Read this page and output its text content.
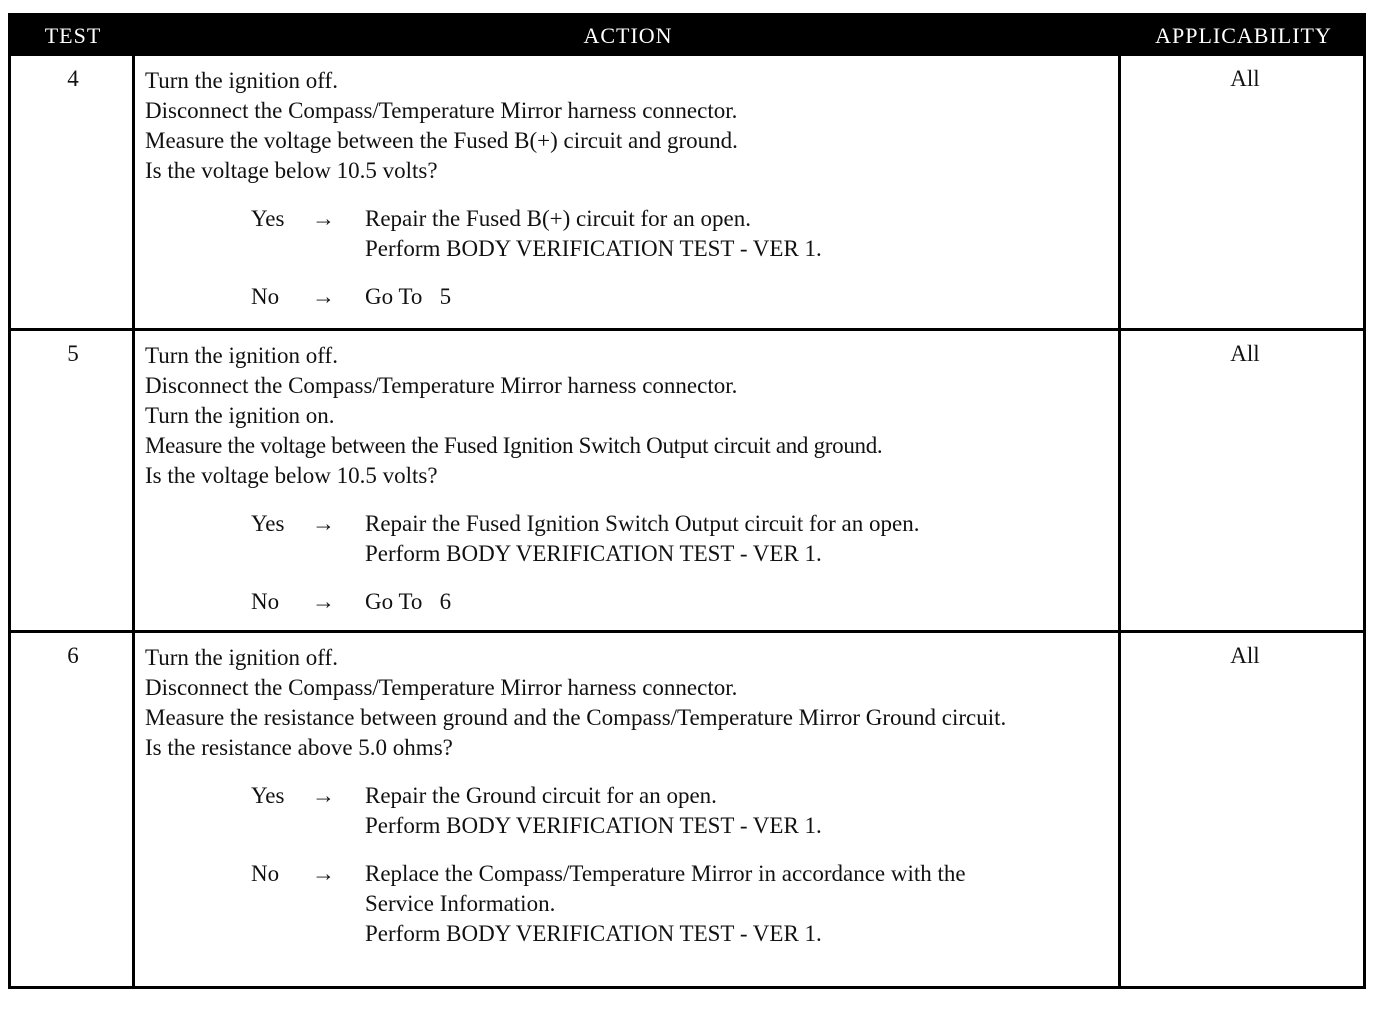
TEST	ACTION	APPLICABILITY
4	Turn the ignition off.
Disconnect the Compass/Temperature Mirror harness connector.
Measure the voltage between the Fused B(+) circuit and ground.
Is the voltage below 10.5 volts?
Yes	→	Repair the Fused B(+) circuit for an open.
Perform BODY VERIFICATION TEST - VER 1.
No	→	Go To   5
All
5	Turn the ignition off.
Disconnect the Compass/Temperature Mirror harness connector.
Turn the ignition on.
Measure the voltage between the Fused Ignition Switch Output circuit and ground.
Is the voltage below 10.5 volts?
Yes	→	Repair the Fused Ignition Switch Output circuit for an open.
Perform BODY VERIFICATION TEST - VER 1.
No	→	Go To   6
All
6	Turn the ignition off.
Disconnect the Compass/Temperature Mirror harness connector.
Measure the resistance between ground and the Compass/Temperature Mirror Ground circuit.
Is the resistance above 5.0 ohms?
Yes	→	Repair the Ground circuit for an open.
Perform BODY VERIFICATION TEST - VER 1.
No	→	Replace the Compass/Temperature Mirror in accordance with the
Service Information.
Perform BODY VERIFICATION TEST - VER 1.
All
